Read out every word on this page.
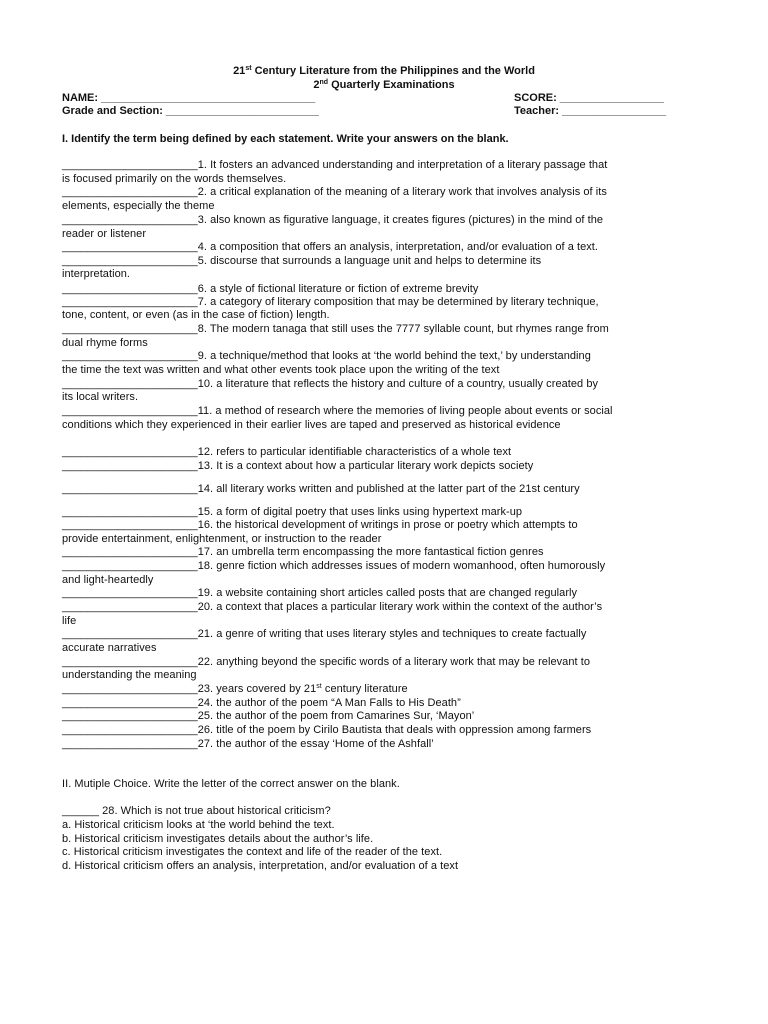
21st Century Literature from the Philippines and the World
2nd Quarterly Examinations
NAME: ___________________________________	SCORE: _________________
Grade and Section: _________________________	Teacher: _________________
I. Identify the term being defined by each statement. Write your answers on the blank.
______________________1. It fosters an advanced understanding and interpretation of a literary passage that
is focused primarily on the words themselves.
______________________2. a critical explanation of the meaning of a literary work that involves analysis of its
elements, especially the theme
______________________3. also known as figurative language, it creates figures (pictures) in the mind of the
reader or listener
______________________4. a composition that offers an analysis, interpretation, and/or evaluation of a text.
______________________5. discourse that surrounds a language unit and helps to determine its
interpretation.
______________________6. a style of fictional literature or fiction of extreme brevity
______________________7. a category of literary composition that may be determined by literary technique,
tone, content, or even (as in the case of fiction) length.
______________________8. The modern tanaga that still uses the 7777 syllable count, but rhymes range from
dual rhyme forms
______________________9. a technique/method that looks at ‘the world behind the text,’ by understanding
the time the text was written and what other events took place upon the writing of the text
______________________10. a literature that reflects the history and culture of a country, usually created by
its local writers.
______________________11. a method of research where the memories of living people about events or social
conditions which they experienced in their earlier lives are taped and preserved as historical evidence
______________________12. refers to particular identifiable characteristics of a whole text
______________________13. It is a context about how a particular literary work depicts society
______________________14. all literary works written and published at the latter part of the 21st century
______________________15. a form of digital poetry that uses links using hypertext mark-up
______________________16. the historical development of writings in prose or poetry which attempts to
provide entertainment, enlightenment, or instruction to the reader
______________________17. an umbrella term encompassing the more fantastical fiction genres
______________________18. genre fiction which addresses issues of modern womanhood, often humorously
and light-heartedly
______________________19. a website containing short articles called posts that are changed regularly
______________________20. a context that places a particular literary work within the context of the author’s
life
______________________21. a genre of writing that uses literary styles and techniques to create factually
accurate narratives
______________________22. anything beyond the specific words of a literary work that may be relevant to
understanding the meaning
______________________23. years covered by 21st century literature
______________________24. the author of the poem “A Man Falls to His Death”
______________________25. the author of the poem from Camarines Sur, ‘Mayon’
______________________26. title of the poem by Cirilo Bautista that deals with oppression among farmers
______________________27. the author of the essay ‘Home of the Ashfall’
II. Mutiple Choice. Write the letter of the correct answer on the blank.
______ 28. Which is not true about historical criticism?
a. Historical criticism looks at ‘the world behind the text.
b. Historical criticism investigates details about the author’s life.
c. Historical criticism investigates the context and life of the reader of the text.
d. Historical criticism offers an analysis, interpretation, and/or evaluation of a text
